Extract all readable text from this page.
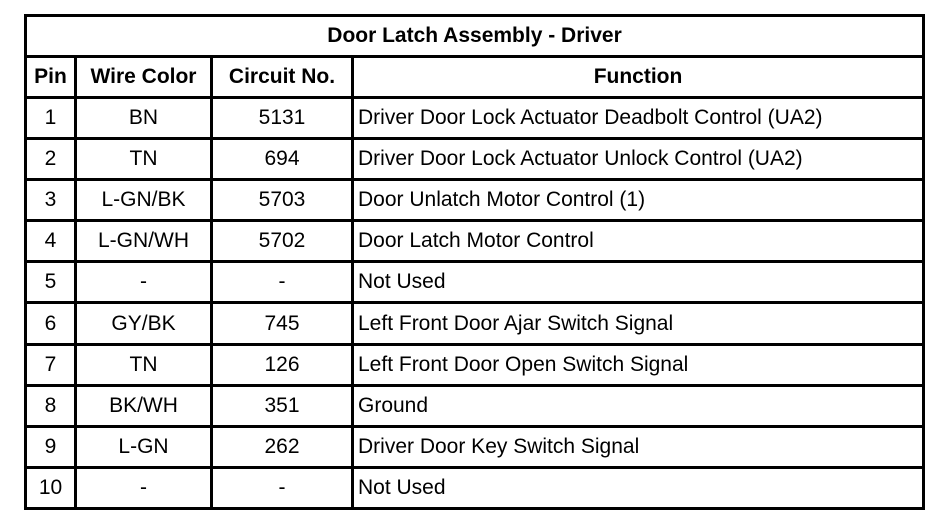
Door Latch Assembly - Driver			
Pin	Wire Color	Circuit No.	Function
1	BN	5131	Driver Door Lock Actuator Deadbolt Control (UA2)
2	TN	694	Driver Door Lock Actuator Unlock Control (UA2)
3	L-GN/BK	5703	Door Unlatch Motor Control (1)
4	L-GN/WH	5702	Door Latch Motor Control
5	-	-	Not Used
6	GY/BK	745	Left Front Door Ajar Switch Signal
7	TN	126	Left Front Door Open Switch Signal
8	BK/WH	351	Ground
9	L-GN	262	Driver Door Key Switch Signal
10	-	-	Not Used
